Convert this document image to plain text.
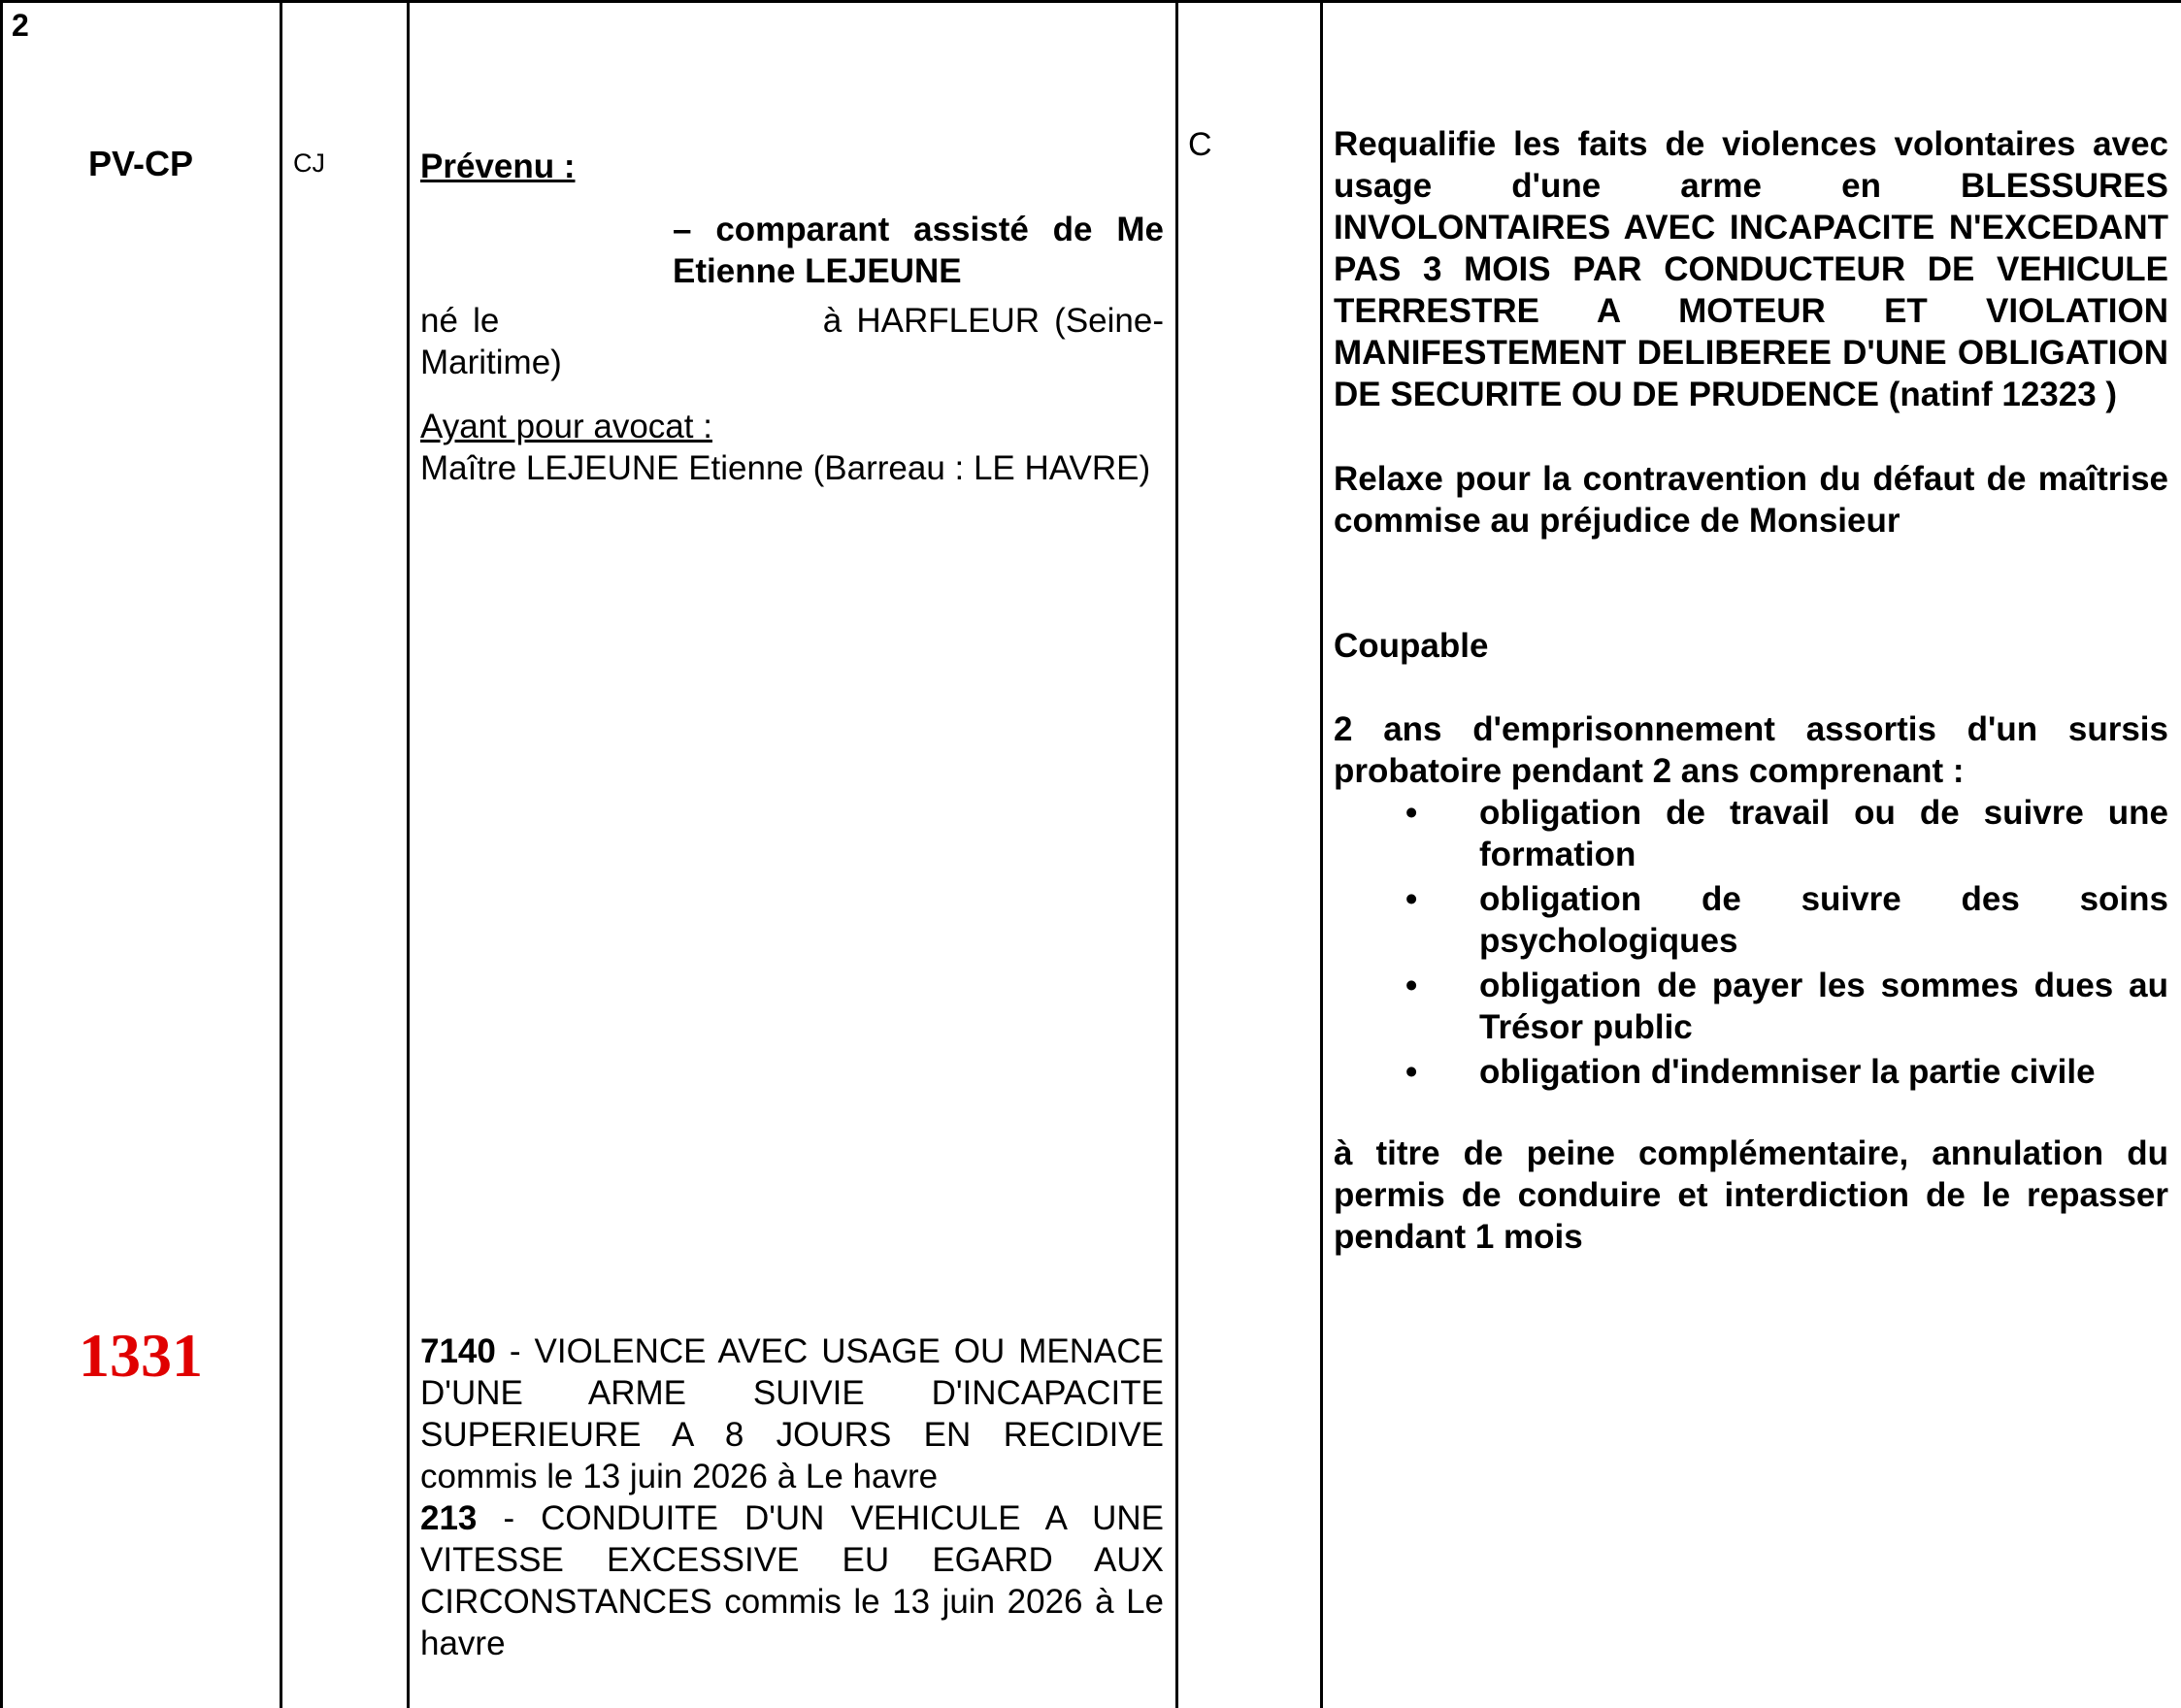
2
PV-CP
1331
CJ	C

Prévenu :

– comparant assisté de Me Etienne LEJEUNE

né le                      à HARFLEUR (Seine-Maritime)

Ayant pour avocat :

Maître LEJEUNE Etienne (Barreau : LE HAVRE)

7140 - VIOLENCE AVEC USAGE OU MENACE D'UNE ARME SUIVIE D'INCAPACITE SUPERIEURE A 8 JOURS EN RECIDIVE commis le 13 juin 2026 à Le havre

213 - CONDUITE D'UN VEHICULE A UNE VITESSE EXCESSIVE EU EGARD AUX CIRCONSTANCES commis le 13 juin 2026 à Le havre

Requalifie les faits de violences volontaires avec usage d'une arme en BLESSURES INVOLONTAIRES AVEC INCAPACITE N'EXCEDANT PAS 3 MOIS PAR CONDUCTEUR DE VEHICULE TERRESTRE A MOTEUR ET VIOLATION MANIFESTEMENT DELIBEREE D'UNE OBLIGATION DE SECURITE OU DE PRUDENCE (natinf 12323 )

Relaxe pour la contravention du défaut de maîtrise commise au préjudice de Monsieur

Coupable

2 ans d'emprisonnement assortis d'un sursis probatoire pendant 2 ans comprenant :

• obligation de travail ou de suivre une formation
• obligation de suivre des soins psychologiques
• obligation de payer les sommes dues au Trésor public
• obligation d'indemniser la partie civile

à titre de peine complémentaire, annulation du permis de conduire et interdiction de le repasser pendant 1 mois
